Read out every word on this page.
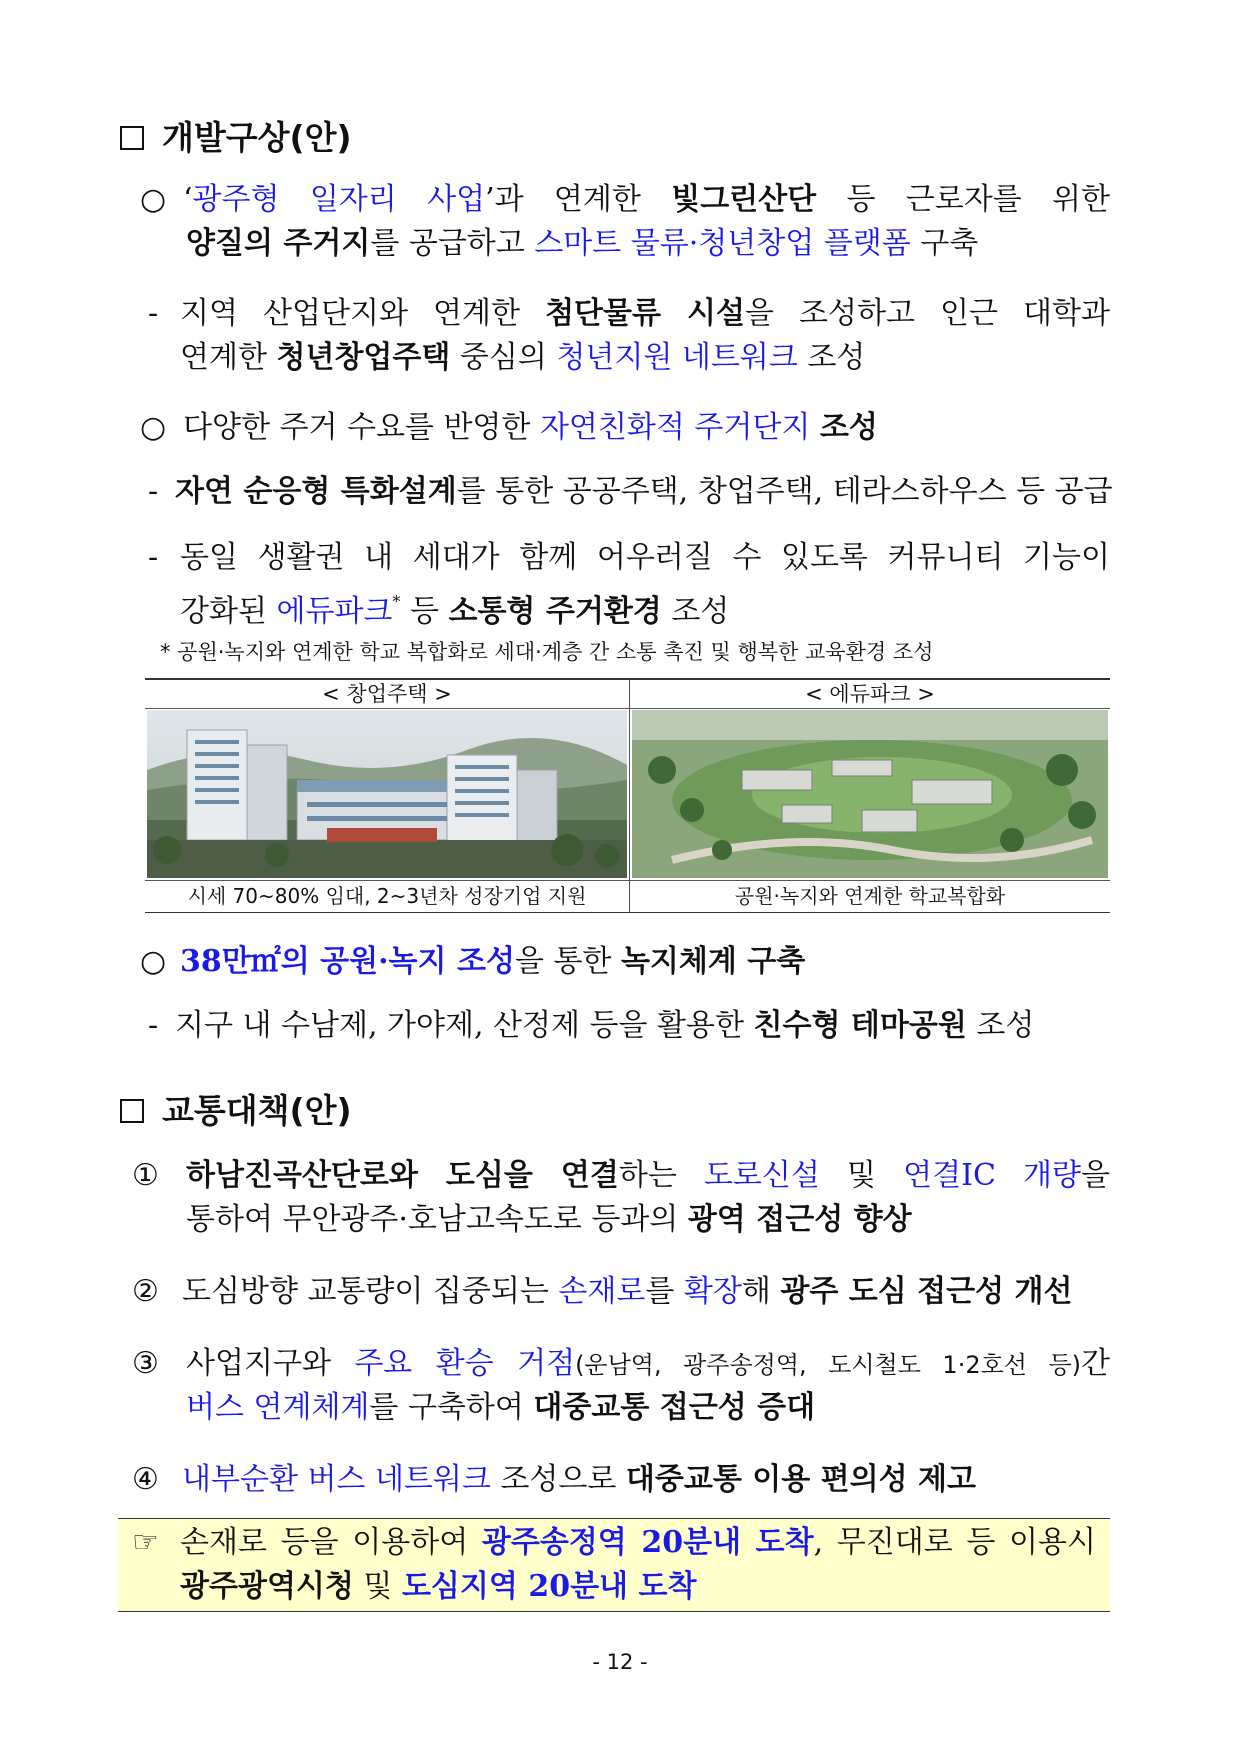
개발구상(안)
○ ‘광주형 일자리 사업’과 연계한 빛그린산단 등 근로자를 위한
양질의 주거지를 공급하고 스마트 물류·청년창업 플랫폼 구축
- 지역 산업단지와 연계한 첨단물류 시설을 조성하고 인근 대학과
연계한 청년창업주택 중심의 청년지원 네트워크 조성
○ 다양한 주거 수요를 반영한 자연친화적 주거단지 조성
- 자연 순응형 특화설계를 통한 공공주택, 창업주택, 테라스하우스 등 공급
- 동일 생활권 내 세대가 함께 어우러질 수 있도록 커뮤니티 기능이
강화된 에듀파크* 등 소통형 주거환경 조성
* 공원·녹지와 연계한 학교 복합화로 세대·계층 간 소통 촉진 및 행복한 교육환경 조성
< 창업주택 >	< 에듀파크 >
시세 70~80% 임대, 2~3년차 성장기업 지원	공원·녹지와 연계한 학교복합화
○ 38만㎡의 공원·녹지 조성을 통한 녹지체계 구축
- 지구 내 수남제, 가야제, 산정제 등을 활용한 친수형 테마공원 조성
교통대책(안)
① 하남진곡산단로와 도심을 연결하는 도로신설 및 연결IC 개량을
통하여 무안광주·호남고속도로 등과의 광역 접근성 향상
② 도심방향 교통량이 집중되는 손재로를 확장해 광주 도심 접근성 개선
③ 사업지구와 주요 환승 거점(운남역, 광주송정역, 도시철도 1·2호선 등)간
버스 연계체계를 구축하여 대중교통 접근성 증대
④ 내부순환 버스 네트워크 조성으로 대중교통 이용 편의성 제고
☞ 손재로 등을 이용하여 광주송정역 20분내 도착, 무진대로 등 이용시
광주광역시청 및 도심지역 20분내 도착
- 12 -
